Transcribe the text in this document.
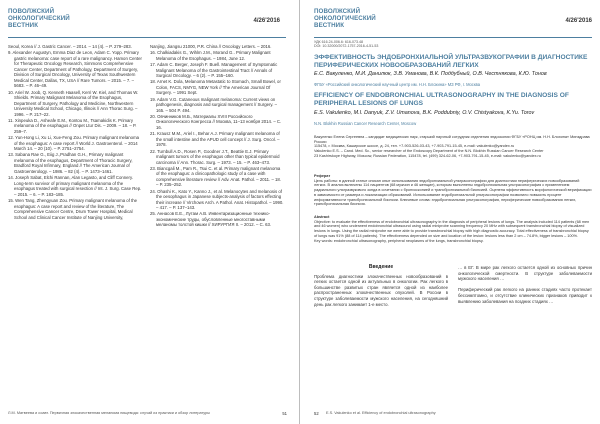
ПОВОЛЖСКИЙ
ОНКОЛОГИЧЕСКИЙ
ВЕСТНИК
4/26'2016
Seoul, Korea // J. Gastric Cancer. – 2014. – 14 (4). – P. 279–283.
9. Alexander Augustyn, Emma Diaz de Leon, Adam C. Yopp. Primary gastric melanoma: case report of a rare malignancy. Hamon Center for Therapeutic Oncology Research, Simmons Comprehensive Cancer Center, Department of Pathology, Department of Surgery, Division of Surgical Oncology, University of Texas Southwestern Medical Center, Dallas, TX, USA // Rare Tumors. – 2015. – 7. – 5683. – P. 46–49.
10. Ariel W. Joob, Q. Kenneth Haasell, Kerri W. Kiel, and Thomas W. Shields. Primary Malignant Melanoma of the Esophagus, Department of Surgery, Pathology and Medicine, Northwestern University Medical School, Chicago, Illinois // Ann Thorac Surg. – 1996. – P. 217–22.
11. Xinpeuka D., Asheafe E.M., Kontou M., Tsamakidis K. Primary melanoma of the esophagus // Onpet Ltur Dis. – 2009. – 18. – P. 259–7.
12. Yun-Hong Li, Xu Li, Xue-Feng Zou. Primary malignant melanoma of the esophagus: A case report // World J. Gastroenterol. – 2014 March 14. – 20 (10). – P. 2751–2754.
13. Sabana Rae G., Eiig J.,Pradhan G.H., Primary malignant melanoma of the esophagus, Department of Thoracic Surgery, Bradford Royal Infirmary, England // The American Journal of Gastroenterology. – 1986. – 82 (4). – P. 1473–1461.
14. Joseph Sabat, Elchi Rannan, Alan Legasto, and Cliff Connery. Long-term survivor of primary malignant melanoma of the esophagus treated with surgical resection // Int. J. Surg. Case Rep. – 2015. – 6. – P. 183–185.
15. Wen Tang, Zhengyuan Zou. Primary malignant melanoma of the esophagus: A case report and review of the literature, The Comprehensive Cancer Centre, Drum Tower Hospital, Medical School and Clinical Cancer Institute of Nanjing University,
Nanjing, Jiangsu 21000, P.R. China // Oncology Letters. – 2016.
16. Chalkiadakis G., Wihlm J.M., Morand G.. Primary Malignant Melanoma of the Esophagus. – 1984, June 12.
17. Adam C. Berger, Joseph F. Buell. Management of Symptomatic Malignant Melanoma of the Gastrointestinal Tract // Annals of Surgical Oncology. – 6 (2). – P. 155–160.
18. Arnet K. Dola, Melanoma Metastatic to Stomach, Small Bowel, or Colon, FACS, NMYG, NEW York // The American Journal Of Surgery. – 1991 Sept.
19. Adam V.G. Cutaneous malignant melanoma: Current views on pathogenesis, diagnosis and surgical management // Surgery. – 165. – 504 P. 494.
20. Овчинников М.Б., Материалы XVIII Российского Онкологического Конгресса // Москва, 11–13 ноября 2014. – С. 16.
21. Krausz M.M., Ariel I., Behar A.J. Primary malignant melanoma of the small intestine and the APUD cell concept // J. Surg. Oncol. – 1978.
22. Turnbull A.D., Rosen P., Goodner J.T., Beattie E.J. Primary malignant tumors of the esophagus other than typical epidermoid carcinoma // Ann. Thorac. Surg. – 1973. – 15. – P. 463–473.
23. Biancgali M., Pam R., Tsui C. et al. Primary malignant melanoma of the esophagus: a clinicopathologic study of a case with comprehensive literature review // Adv. Anat. Pathol. – 2011. – 18. – P. 235–252.
24. Ohashi K., Kato Y., Kanno J., et al. Melanocytes and melanosis of the oesophagus in Japanese subjects-analysis of factors effecting their increase // Virchows Arch. A Pathol. Anat. Histopathol. – 1990. – 417. – P. 137–143.
25. Аннасов Е.Е., Лутам А.В. Инвентаризационные технико-экономические труды, обусловленные многоставными меланомы толстой кишки // ХИРУРГИЯ II. – 2012. – С. 63.
Л.М. Матвеева и соавт. Первичная злокачественная меланома пищевода: случай из практики и обзор литературы	51
ПОВОЛЖСКИЙ
ОНКОЛОГИЧЕСКИЙ
ВЕСТНИК
4/26'2016
УДК 616.24-006.6: 616-073.48
DOI: 10.32000/2072-1757-2016-4-51-53
ЭФФЕКТИВНОСТЬ ЭНДОБРОНХИАЛЬНОЙ УЛЬТРАЗВУКОГРАФИИ В ДИАГНОСТИКЕ ПЕРИФЕРИЧЕСКИХ НОВООБРАЗОВАНИЙ ЛЕГКИХ
Е.С. Вакуленко, М.И. Данилюк, З.В. Уманова, В.К. Поддубный, О.В. Честнякова, К.Ю. Тонов
ФГБУ «Российский онкологический научный центр им. Н.Н. Блохина» МЗ РФ, г. Москва
EFFICIENCY OF ENDOBRONCHIAL ULTRASONOGRAPHY IN THE DIAGNOSIS OF PERIPHERAL LESIONS OF LUNGS
E.S. Vakulenko, M.I. Danyuk, Z.V. Umanova, B.K. Poddubniy, O.V. Chistyakova, K.Yu. Torov
N.N. Blokhin Russian Cancer Research Center, Moscow
Вакуленко Елена Сергеевна – кандидат медицинских наук, старший научный сотрудник отделения эндоскопии ФГБУ «РОНЦ им. Н.Н. Блохина» Минздрава России
115478, г. Москва, Каширское шоссе, д. 24, тел. +7-903-526-03-43, +7-903-791-15-45, e-mail: vakulenko@yandex.ru
Vakulenko E.S. – Cand. Med. Sc., senior researcher of the Endoscopy Department of the N.N. Blokhin Russian Cancer Research Center
23 Kashirskoye Highway, Moscow, Russian Federation, 115478, tel. (499) 324-62-06, +7-903-791-15-45, e-mail: vakulenko@yandex.ru
Реферат
Цель работы: в данной статье описан опыт использования эндобронхиальной ультрасонографии для диагностики периферических новообразований легких. В анализ включены 114 пациентов (68 мужчин и 46 женщин), которым выполнены эндобронхиальная ультрасонография с применением радиального ультразвукового зонда в сочетании с бронхоскопией и трансбронхиальной биопсией. Оценена эффективность морфологической верификации в зависимости от размера и локализации образований. Использование эндобронхиальной ультрасонографии позволило повысить процент информативности трансбронхиальной биопсии. Ключевые слова: эндобронхиальная ультрасонография, периферические новообразования легких, трансбронхиальная биопсия.
Abstract
Objective: to evaluate the effectiveness of endobronchial ultrasonography in the diagnosis of peripheral lesions of lungs. The analysis included 114 patients (68 men and 46 women) who underwent endobronchial ultrasound using radial miniprobe scanning frequency 20 MHz with subsequent transbronchial biopsy of visualized lesions in lungs. Using the radial miniprobe we were able to provide transbronchial biopsy with high diagnostic accuracy. Total effectiveness of transbronchial biopsy of lungs was 91% (88 of 114 patients). The effectiveness depended on size and location of the lesion: lesions less than 2 cm – 74.8%, bigger lesions – 100%.
Key words: endobronchial ultrasonography, peripheral neoplasms of the lungs, transbronchial biopsy.
Введение
Проблема диагностики злокачественных новообразований в легких остается одной из актуальных в онкологии. Рак легкого в большинстве развитых стран является одной из наиболее распространенных злокачественных опухолей. В России в структуре заболеваемости мужского населения, на сегодняшний день рак легкого занимает 1-е место.
… в ЕГ. В мире рак легкого остается одной из основных причин онкологической смертности. В структуре заболеваемости мужского населения …

Периферический рак легкого на ранних стадиях часто протекает бессимптомно, и отсутствие клинических признаков приводит к выявлению заболевания на поздних стадиях …
52 E.S. Vakulenko et al. Efficiency of endobronchial ultrasonography
